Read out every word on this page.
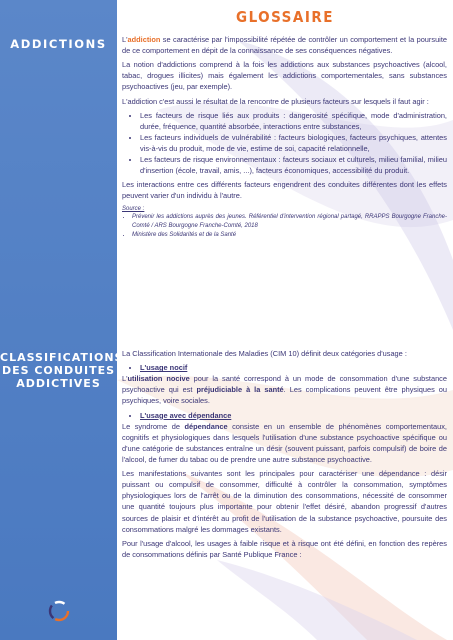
GLOSSAIRE
ADDICTIONS
CLASSIFICATIONS
DES CONDUITES
ADDICTIVES

L'addiction se caractérise par l'impossibilité répétée de contrôler un comportement et la poursuite de ce comportement en dépit de la connaissance de ses conséquences négatives.

La notion d'addictions comprend à la fois les addictions aux substances psychoactives (alcool, tabac, drogues illicites) mais également les addictions comportementales, sans substances psychoactives (jeu, par exemple).

L'addiction c'est aussi le résultat de la rencontre de plusieurs facteurs sur lesquels il faut agir :

• Les facteurs de risque liés aux produits : dangerosité spécifique, mode d'administration, durée, fréquence, quantité absorbée, interactions entre substances,
• Les facteurs individuels de vulnérabilité : facteurs biologiques, facteurs psychiques, attentes vis-à-vis du produit, mode de vie, estime de soi, capacité relationnelle,
• Les facteurs de risque environnementaux : facteurs sociaux et culturels, milieu familial, milieu d'insertion (école, travail, amis, ...), facteurs économiques, accessibilité du produit.

Les interactions entre ces différents facteurs engendrent des conduites différentes dont les effets peuvent varier d'un individu à l'autre.

Source :
• Prévenir les addictions auprès des jeunes. Référentiel d'intervention régional partagé, RRAPPS Bourgogne Franche-Comté / ARS Bourgogne Franche-Comté, 2018
• Ministère des Solidarités et de la Santé

La Classification Internationale des Maladies (CIM 10) définit deux catégories d'usage :

• L'usage nocif

L'utilisation nocive pour la santé correspond à un mode de consommation d'une substance psychoactive qui est préjudiciable à la santé. Les complications peuvent être physiques ou psychiques, voire sociales.

• L'usage avec dépendance

Le syndrome de dépendance consiste en un ensemble de phénomènes comportementaux, cognitifs et physiologiques dans lesquels l'utilisation d'une substance psychoactive spécifique ou d'une catégorie de substances entraîne un désir (souvent puissant, parfois compulsif) de boire de l'alcool, de fumer du tabac ou de prendre une autre substance psychoactive.

Les manifestations suivantes sont les principales pour caractériser une dépendance : désir puissant ou compulsif de consommer, difficulté à contrôler la consommation, symptômes physiologiques lors de l'arrêt ou de la diminution des consommations, nécessité de consommer une quantité toujours plus importante pour obtenir l'effet désiré, abandon progressif d'autres sources de plaisir et d'intérêt au profit de l'utilisation de la substance psychoactive, poursuite des consommations malgré les dommages existants.

Pour l'usage d'alcool, les usages à faible risque et à risque ont été défini, en fonction des repères de consommations définis par Santé Publique France :
